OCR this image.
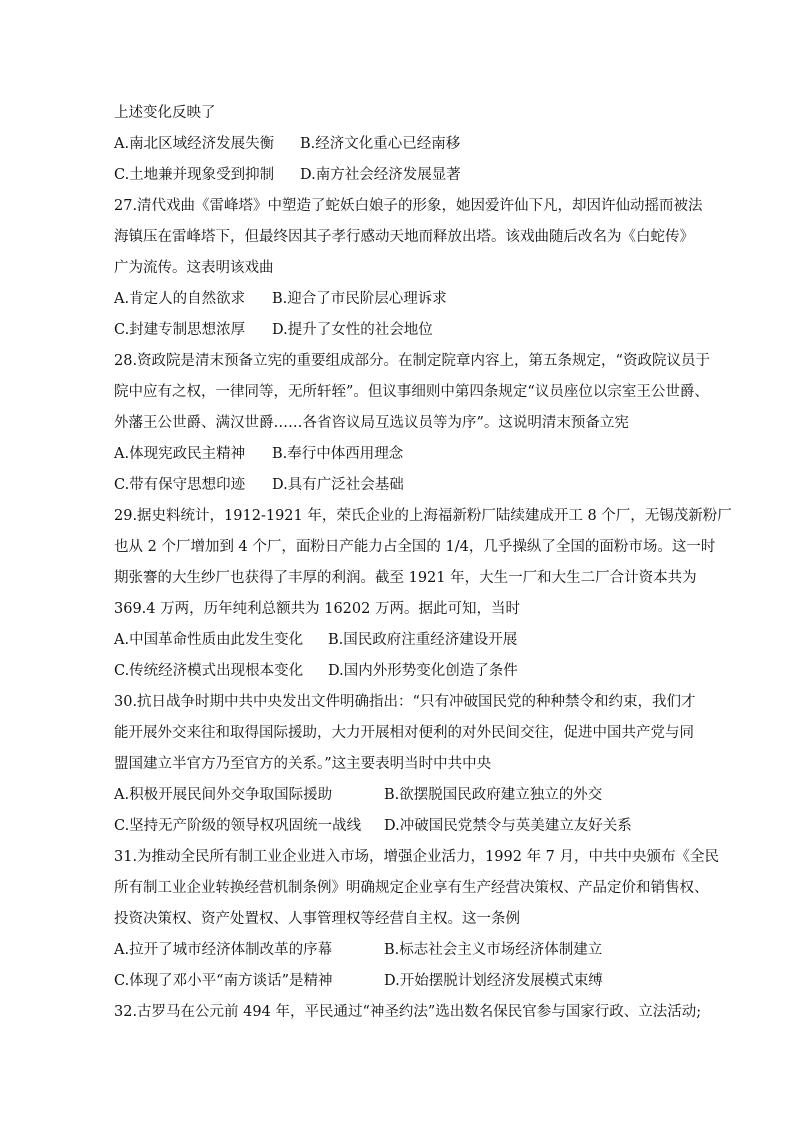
上述变化反映了
A.南北区域经济发展失衡 B.经济文化重心已经南移
C.土地兼并现象受到抑制 D.南方社会经济发展显著
27.清代戏曲《雷峰塔》中塑造了蛇妖白娘子的形象，她因爱许仙下凡，却因许仙动摇而被法
海镇压在雷峰塔下，但最终因其子孝行感动天地而释放出塔。该戏曲随后改名为《白蛇传》
广为流传。这表明该戏曲
A.肯定人的自然欲求 B.迎合了市民阶层心理诉求
C.封建专制思想浓厚 D.提升了女性的社会地位
28.资政院是清末预备立宪的重要组成部分。在制定院章内容上，第五条规定，“资政院议员于
院中应有之权，一律同等，无所轩轾”。但议事细则中第四条规定“议员座位以宗室王公世爵、
外藩王公世爵、满汉世爵……各省咨议局互选议员等为序”。这说明清末预备立宪
A.体现宪政民主精神 B.奉行中体西用理念
C.带有保守思想印迹 D.具有广泛社会基础
29.据史料统计，1912-1921 年，荣氏企业的上海福新粉厂陆续建成开工 8 个厂，无锡茂新粉厂
也从 2 个厂增加到 4 个厂，面粉日产能力占全国的 1/4，几乎操纵了全国的面粉市场。这一时
期张謇的大生纱厂也获得了丰厚的利润。截至 1921 年，大生一厂和大生二厂合计资本共为
369.4 万两，历年纯利总额共为 16202 万两。据此可知，当时
A.中国革命性质由此发生变化 B.国民政府注重经济建设开展
C.传统经济模式出现根本变化 D.国内外形势变化创造了条件
30.抗日战争时期中共中央发出文件明确指出：“只有冲破国民党的种种禁令和约束，我们才
能开展外交来往和取得国际援助，大力开展相对便利的对外民间交往，促进中国共产党与同
盟国建立半官方乃至官方的关系。”这主要表明当时中共中央
A.积极开展民间外交争取国际援助	B.欲摆脱国民政府建立独立的外交
C.坚持无产阶级的领导权巩固统一战线 D.冲破国民党禁令与英美建立友好关系
31.为推动全民所有制工业企业进入市场，增强企业活力，1992 年 7 月，中共中央颁布《全民
所有制工业企业转换经营机制条例》明确规定企业享有生产经营决策权、产品定价和销售权、
投资决策权、资产处置权、人事管理权等经营自主权。这一条例
A.拉开了城市经济体制改革的序幕	B.标志社会主义市场经济体制建立
C.体现了邓小平“南方谈话”是精神	D.开始摆脱计划经济发展模式束缚
32.古罗马在公元前 494 年，平民通过“神圣约法”选出数名保民官参与国家行政、立法活动;
